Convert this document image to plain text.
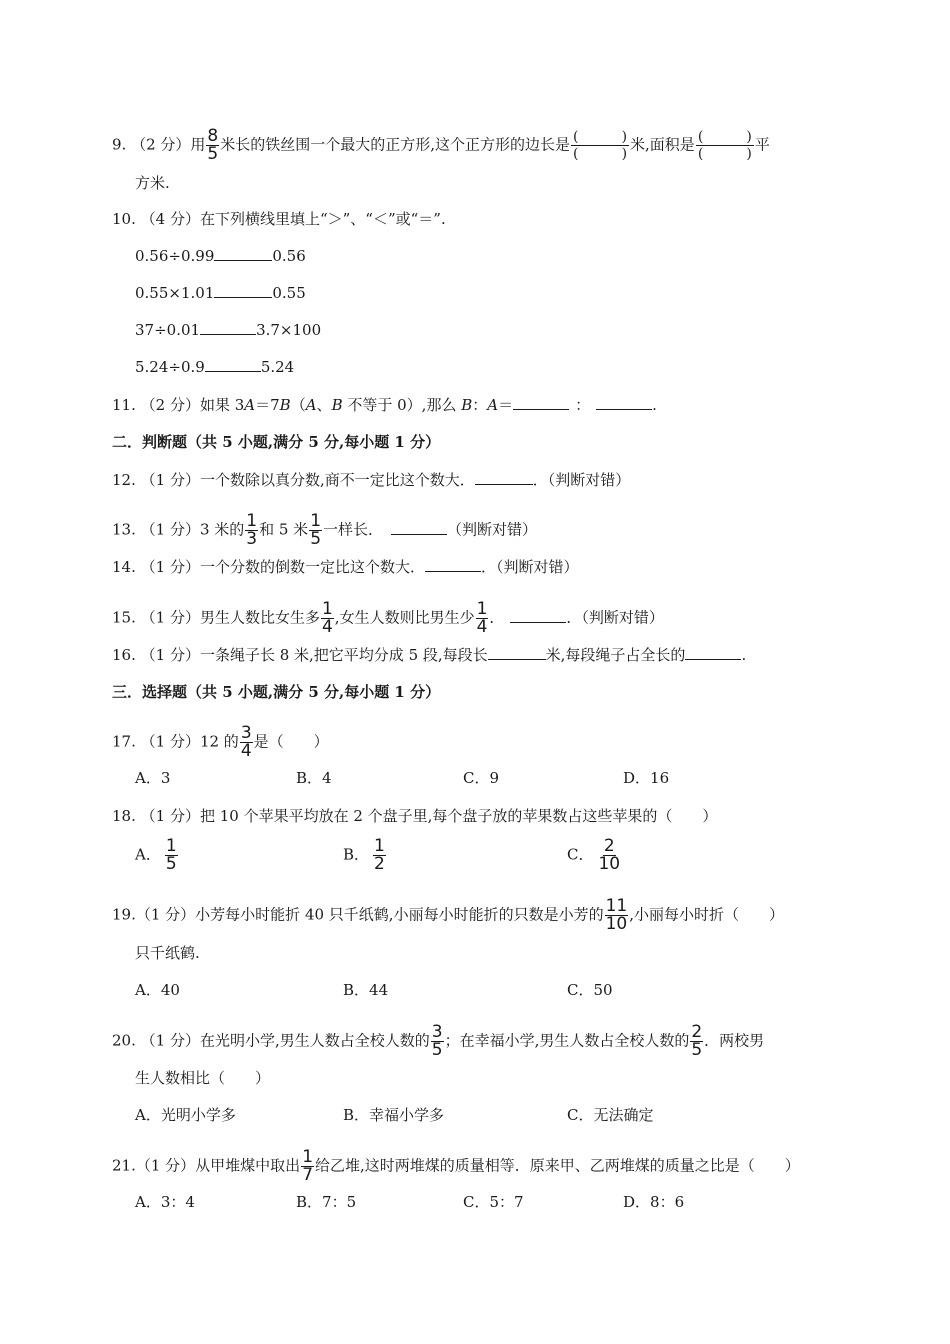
9. （2 分）用 $\frac{8}{5}$ 米长的铁丝围一个最大的正方形,这个正方形的边长是 (	)
(	)
米,面积是 (	)
(	)
平
方米.
10. （4 分）在下列横线里填上“＞”、“＜”或“＝”.
0.56÷0.99	0.56
0.55×1.01	0.55
37÷0.01	3.7×100
5.24÷0.9	5.24
11. （2 分）如果 3A＝7B（A、B 不等于 0）,那么 B：A＝	：	.
二．判断题（共 5 小题,满分 5 分,每小题 1 分）
12. （1 分）一个数除以真分数,商不一定比这个数大．	．（判断对错）
13. （1 分）3 米的 $\frac{1}{3}$ 和 5 米 $\frac{1}{5}$ 一样长．	（判断对错）
14. （1 分）一个分数的倒数一定比这个数大．	．（判断对错）
15. （1 分）男生人数比女生多 $\frac{1}{4}$ ,女生人数则比男生少 $\frac{1}{4}$ ．	．（判断对错）
16. （1 分）一条绳子长 8 米,把它平均分成 5 段,每段长	米,每段绳子占全长的	.
三．选择题（共 5 小题,满分 5 分,每小题 1 分）
17. （1 分）12 的 $\frac{3}{4}$ 是（　　）
A．3	B．4	C．9	D．16
18. （1 分）把 10 个苹果平均放在 2 个盘子里,每个盘子放的苹果数占这些苹果的（　　）
A． $\frac{1}{5}$	B． $\frac{1}{2}$	C． $\frac{2}{10}$
19.（1 分）小芳每小时能折 40 只千纸鹤,小丽每小时能折的只数是小芳的 $\frac{11}{10}$ ,小丽每小时折（　　）
只千纸鹤.
A．40	B．44	C．50
20. （1 分）在光明小学,男生人数占全校人数的 $\frac{3}{5}$ ；在幸福小学,男生人数占全校人数的 $\frac{2}{5}$ ．两校男
生人数相比（　　）
A．光明小学多	B．幸福小学多	C．无法确定
21.（1 分）从甲堆煤中取出 $\frac{1}{7}$ 给乙堆,这时两堆煤的质量相等．原来甲、乙两堆煤的质量之比是（　　）
A．3：4	B．7：5	C．5：7	D．8：6
